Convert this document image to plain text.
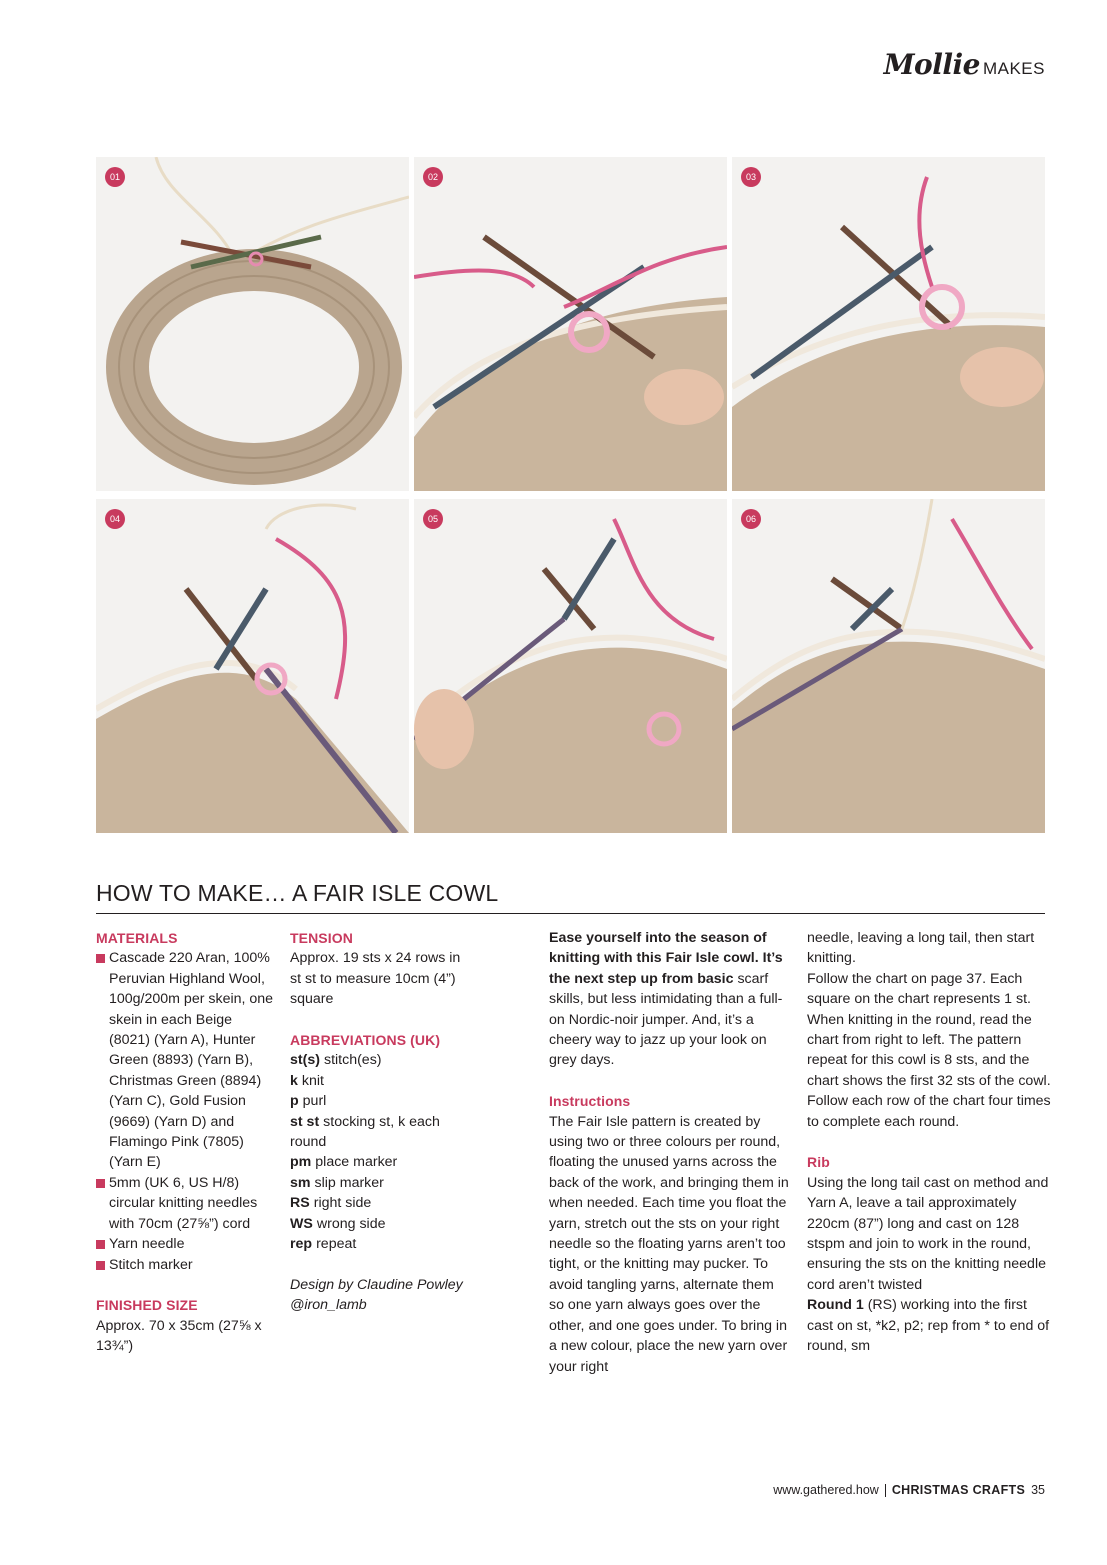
Mollie MAKES
01	02	03
04	05	06
HOW TO MAKE… A FAIR ISLE COWL
MATERIALS
Cascade 220 Aran, 100% Peruvian Highland Wool, 100g/200m per skein, one skein in each Beige (8021) (Yarn A), Hunter Green (8893) (Yarn B), Christmas Green (8894) (Yarn C), Gold Fusion (9669) (Yarn D) and Flamingo Pink (7805) (Yarn E)
5mm (UK 6, US H/8) circular knitting needles with 70cm (27⅝”) cord
Yarn needle
Stitch marker
FINISHED SIZE
Approx. 70 x 35cm (27⅝ x 13¾”)
TENSION
Approx. 19 sts x 24 rows in st st to measure 10cm (4”) square
ABBREVIATIONS (UK)
st(s) stitch(es)
k knit
p purl
st st stocking st, k each round
pm place marker
sm slip marker
RS right side
WS wrong side
rep repeat
Design by Claudine Powley @iron_lamb

Ease yourself into the season of knitting with this Fair Isle cowl. It’s the next step up from basic scarf skills, but less intimidating than a full-on Nordic-noir jumper. And, it’s a cheery way to jazz up your look on grey days.

Instructions

The Fair Isle pattern is created by using two or three colours per round, floating the unused yarns across the back of the work, and bringing them in when needed. Each time you float the yarn, stretch out the sts on your right needle so the floating yarns aren’t too tight, or the knitting may pucker. To avoid tangling yarns, alternate them so one yarn always goes over the other, and one goes under. To bring in a new colour, place the new yarn over your right

needle, leaving a long tail, then start knitting.

Follow the chart on page 37. Each square on the chart represents 1 st. When knitting in the round, read the chart from right to left. The pattern repeat for this cowl is 8 sts, and the chart shows the first 32 sts of the cowl. Follow each row of the chart four times to complete each round.

Rib

Using the long tail cast on method and Yarn A, leave a tail approximately 220cm (87”) long and cast on 128 stspm and join to work in the round, ensuring the sts on the knitting needle cord aren’t twisted

Round 1 (RS) working into the first cast on st, *k2, p2; rep from * to end of round, sm

www.gathered.how CHRISTMAS CRAFTS 35
